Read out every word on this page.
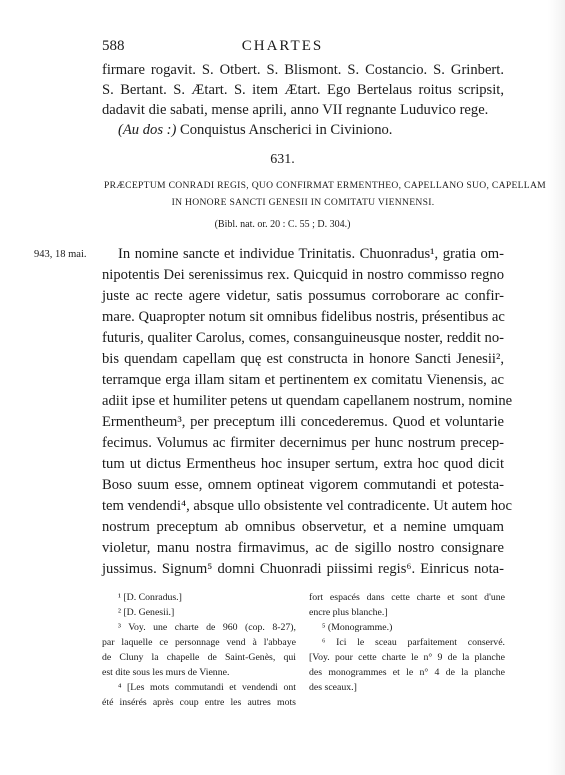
588	CHARTES
firmare rogavit. S. Otbert. S. Blismont. S. Costancio. S. Grinbert.
S. Bertant. S. Ætart. S. item Ætart. Ego Bertelaus roitus scripsit,
dadavit die sabati, mense aprili, anno VII regnante Luduvico rege.
(Au dos :) Conquistus Anscherici in Civiniono.
631.
PRÆCEPTUM CONRADI REGIS, QUO CONFIRMAT ERMENTHEO, CAPELLANO SUO, CAPELLAM
IN HONORE SANCTI GENESII IN COMITATU VIENNENSI.
(Bibl. nat. or. 20 : C. 55 ; D. 304.)
943, 18 mai. In nomine sancte et individue Trinitatis. Chuonradus¹, gratia om-
nipotentis Dei serenissimus rex. Quicquid in nostro commisso regno
juste ac recte agere videtur, satis possumus corroborare ac confir-
mare. Quapropter notum sit omnibus fidelibus nostris, présentibus ac
futuris, qualiter Carolus, comes, consanguineusque noster, reddit no-
bis quendam capellam quę est constructa in honore Sancti Jenesii²,
terramque erga illam sitam et pertinentem ex comitatu Vienensis, ac
adiit ipse et humiliter petens ut quendam capellanem nostrum, nomine
Ermentheum³, per preceptum illi concederemus. Quod et voluntarie
fecimus. Volumus ac firmiter decernimus per hunc nostrum precep-
tum ut dictus Ermentheus hoc insuper sertum, extra hoc quod dicit
Boso suum esse, omnem optineat vigorem commutandi et potesta-
tem vendendi⁴, absque ullo obsistente vel contradicente. Ut autem hoc
nostrum preceptum ab omnibus observetur, et a nemine umquam
violetur, manu nostra firmavimus, ac de sigillo nostro consignare
jussimus. Signum⁵ domni Chuonradi piissimi regis⁶. Einricus nota-
¹ [D. Conradus.]
² [D. Genesii.]
³ Voy. une charte de 960 (cop. 8-27),
par laquelle ce personnage vend à l'abbaye
de Cluny la chapelle de Saint-Genès, qui
est dite sous les murs de Vienne.
⁴ [Les mots commutandi et vendendi ont
été insérés après coup entre les autres mots
fort espacés dans cette charte et sont d'une
encre plus blanche.]
⁵ (Monogramme.)
⁶ Ici le sceau parfaitement conservé.
[Voy. pour cette charte le n° 9 de la planche
des monogrammes et le n° 4 de la planche
des sceaux.]
